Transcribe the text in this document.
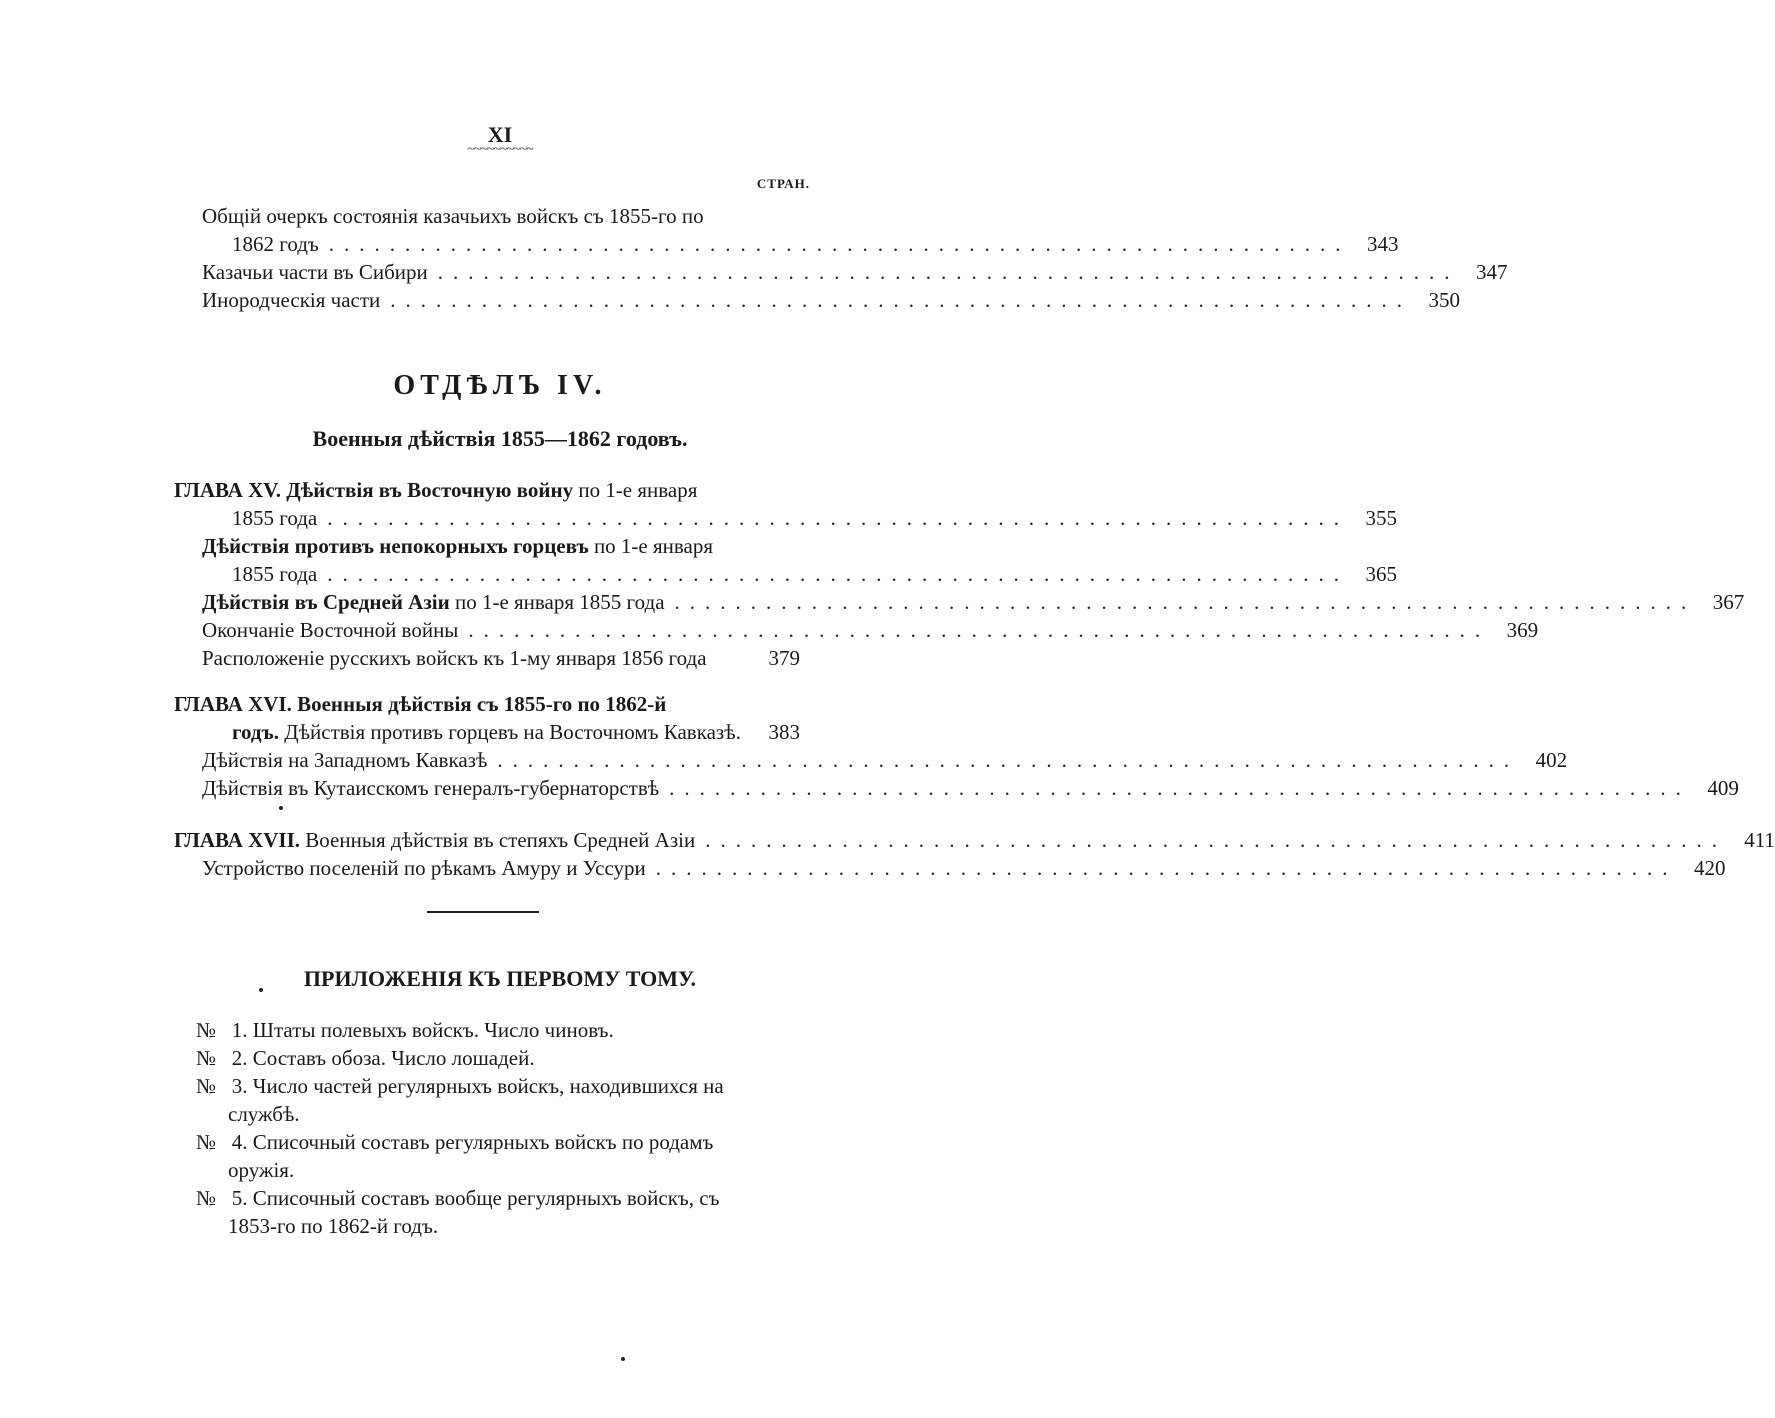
XI
~~~~~~~~~~
СТРАН.
Общій очеркъ состоянія казачьихъ войскъ съ 1855-го по
1862 годъ ................................................................... 343
Казачьи части въ Сибири ................................................................... 347
Инородческія части ................................................................... 350
ОТДѢЛЪ IV.
Военныя дѣйствія 1855—1862 годовъ.
ГЛАВА XV. Дѣйствія въ Восточную войну по 1-е января
1855 года ................................................................... 355
Дѣйствія противъ непокорныхъ горцевъ по 1-е января
1855 года ................................................................... 365
Дѣйствія въ Средней Азіи по 1-е января 1855 года ................................................................... 367
Окончаніе Восточной войны ................................................................... 369
Расположеніе русскихъ войскъ къ 1-му января 1856 года	379
ГЛАВА XVI. Военныя дѣйствія съ 1855-го по 1862-й
годъ. Дѣйствія противъ горцевъ на Восточномъ Кавказѣ.	383
Дѣйствія на Западномъ Кавказѣ ................................................................... 402
Дѣйствія въ Кутаисскомъ генералъ-губернаторствѣ ................................................................... 409
ГЛАВА XVII. Военныя дѣйствія въ степяхъ Средней Азіи ................................................................... 411
Устройство поселеній по рѣкамъ Амуру и Уссури ................................................................... 420
ПРИЛОЖЕНІЯ КЪ ПЕРВОМУ ТОМУ.
№ 1. Штаты полевыхъ войскъ. Число чиновъ.
№ 2. Составъ обоза. Число лошадей.
№ 3. Число частей регулярныхъ войскъ, находившихся на
службѣ.
№ 4. Списочный составъ регулярныхъ войскъ по родамъ
оружія.
№ 5. Списочный составъ вообще регулярныхъ войскъ, съ
1853-го по 1862-й годъ.
